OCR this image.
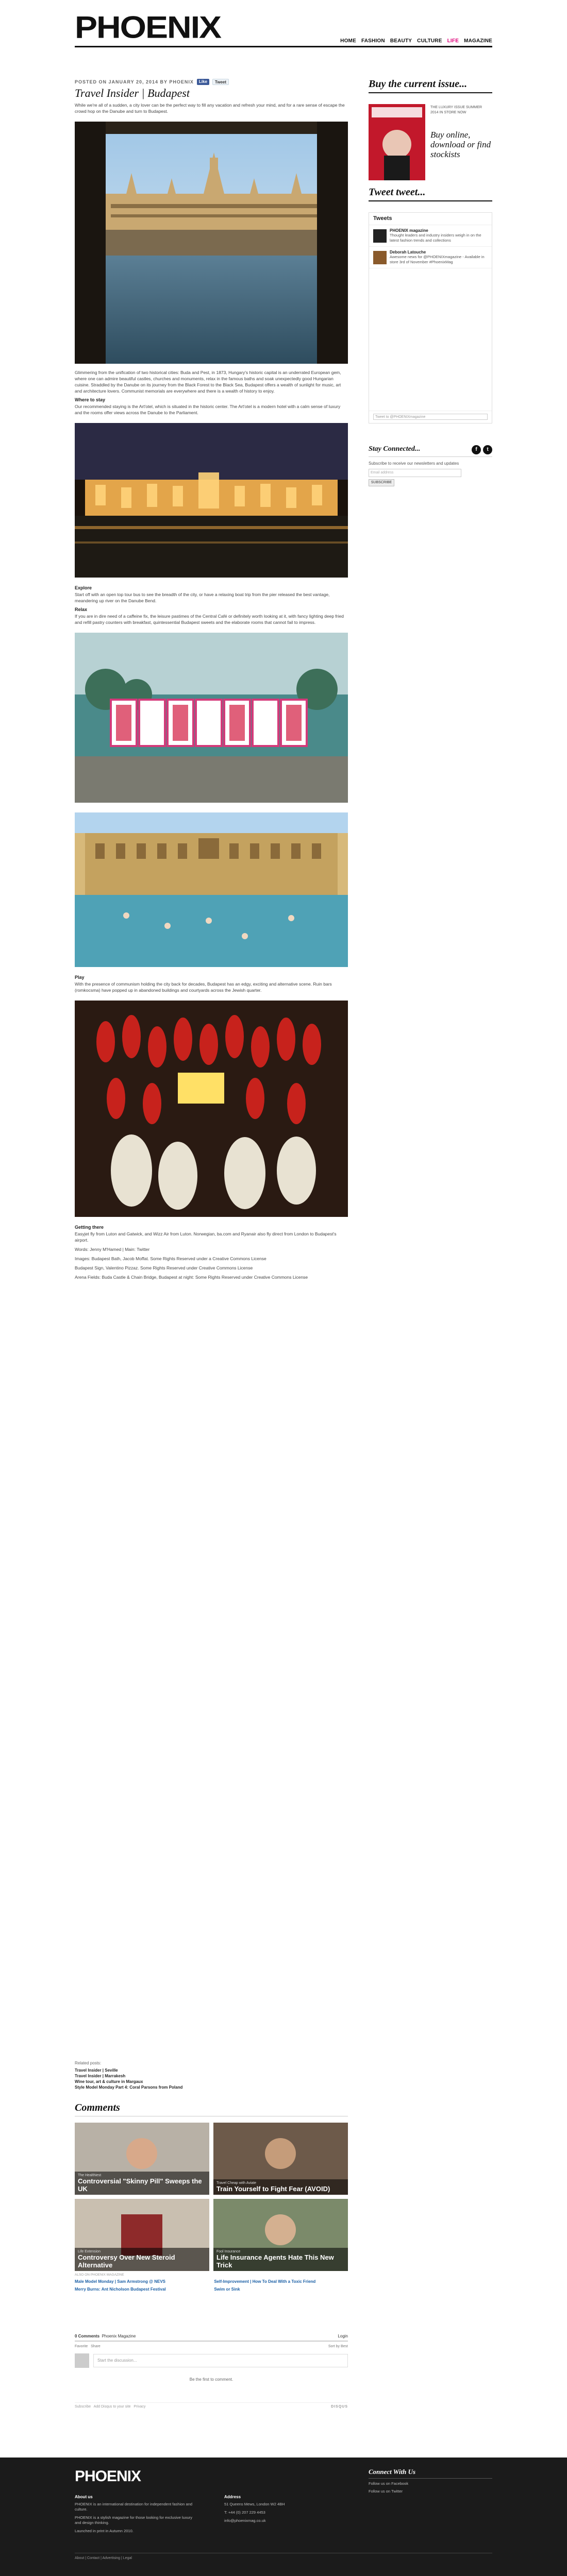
PHOENIX	HOME FASHION BEAUTY CULTURE LIFE MAGAZINE
POSTED ON JANUARY 20, 2014 BY PHOENIX	Like	Tweet
Travel Insider | Budapest

While we're all of a sudden, a city lover can be the perfect way to fill any vacation and refresh your mind, and for a rare sense of escape the crowd hop on the Danube and turn to Budapest.

Glimmering from the unification of two historical cities: Buda and Pest, in 1873, Hungary's historic capital is an underrated European gem, where one can admire beautiful castles, churches and monuments, relax in the famous baths and soak unexpectedly good Hungarian cuisine. Straddled by the Danube on its journey from the Black Forest to the Black Sea, Budapest offers a wealth of sunlight for music, art and architecture lovers. Communist memorials are everywhere and there is a wealth of history to enjoy.

Where to stay

Our recommended staying is the Art'otel, which is situated in the historic center. The Art'otel is a modern hotel with a calm sense of luxury and the rooms offer views across the Danube to the Parliament.

Explore

Start off with an open top tour bus to see the breadth of the city, or have a relaxing boat trip from the pier released the best vantage, meandering up river on the Danube Bend.

Relax

If you are in dire need of a caffeine fix, the leisure pastimes of the Central Café or definitely worth looking at it, with fancy lighting deep fried and refill pastry counters with breakfast, quintessential Budapest sweets and the elaborate rooms that cannot fail to impress.

Play

With the presence of communism holding the city back for decades, Budapest has an edgy, exciting and alternative scene. Ruin bars (romkocsma) have popped up in abandoned buildings and courtyards across the Jewish quarter.

Getting there

Easyjet fly from Luton and Gatwick, and Wizz Air from Luton. Norwegian, ba.com and Ryanair also fly direct from London to Budapest's airport.

Words: Jenny M'Hamed | Main: Twitter

Images: Budapest Bath, Jacob Moffat. Some Rights Reserved under a Creative Commons License

Budapest Sign, Valentino Pizzaz. Some Rights Reserved under Creative Commons License

Arena Fields: Buda Castle & Chain Bridge, Budapest at night: Some Rights Reserved under Creative Commons License

Buy the current issue...
THE LUXURY ISSUE SUMMER 2014 IN STORE NOW
Buy online, download or find stockists
Tweet tweet...
Tweets
PHOENIX magazine
Thought leaders and industry insiders weigh in on the latest fashion trends and collections
Deborah Latouche
Awesome news for @PHOENIXmagazine - Available in store 3rd of November #PhoenixMag
Tweet to @PHOENIXmagazine
Stay Connected...	f	t

Subscribe to receive our newsletters and updates

Email address
SUBSCRIBE
Related posts:
Travel Insider | Seville
Travel Insider | Marrakesh
Wine tour, art & culture in Margaux
Style Model Monday Part 4: Coral Parsons from Poland
Comments
The Healthiest
Controversial "Skinny Pill" Sweeps the UK
Travel Cheap with Aviate
Train Yourself to Fight Fear (AVOID)
Life Extension
Controversy Over New Steroid Alternative
Fool Insurance
Life Insurance Agents Hate This New Trick
ALSO ON PHOENIX MAGAZINE
Male Model Monday | Sam Armstrong @ NEVS	Self-Improvement | How To Deal With a Toxic Friend
Merry Burns: Ant Nicholson Budapest Festival	Swim or Sink
0 Comments Phoenix Magazine	Login
Favorite Share	Sort by Best
Start the discussion...
Be the first to comment.
Subscribe Add Disqus to your site Privacy	DISQUS
PHOENIX
About us

PHOENIX is an international destination for independent fashion and culture.

PHOENIX is a stylish magazine for those looking for exclusive luxury and design thinking.

Launched in print in Autumn 2010.

Address

51 Queens Mews, London W2 4BH

T: +44 (0) 207 229 4453

info@phoenixmag.co.uk

Connect With Us
Follow us on Facebook
Follow us on Twitter
About | Contact | Advertising | Legal
